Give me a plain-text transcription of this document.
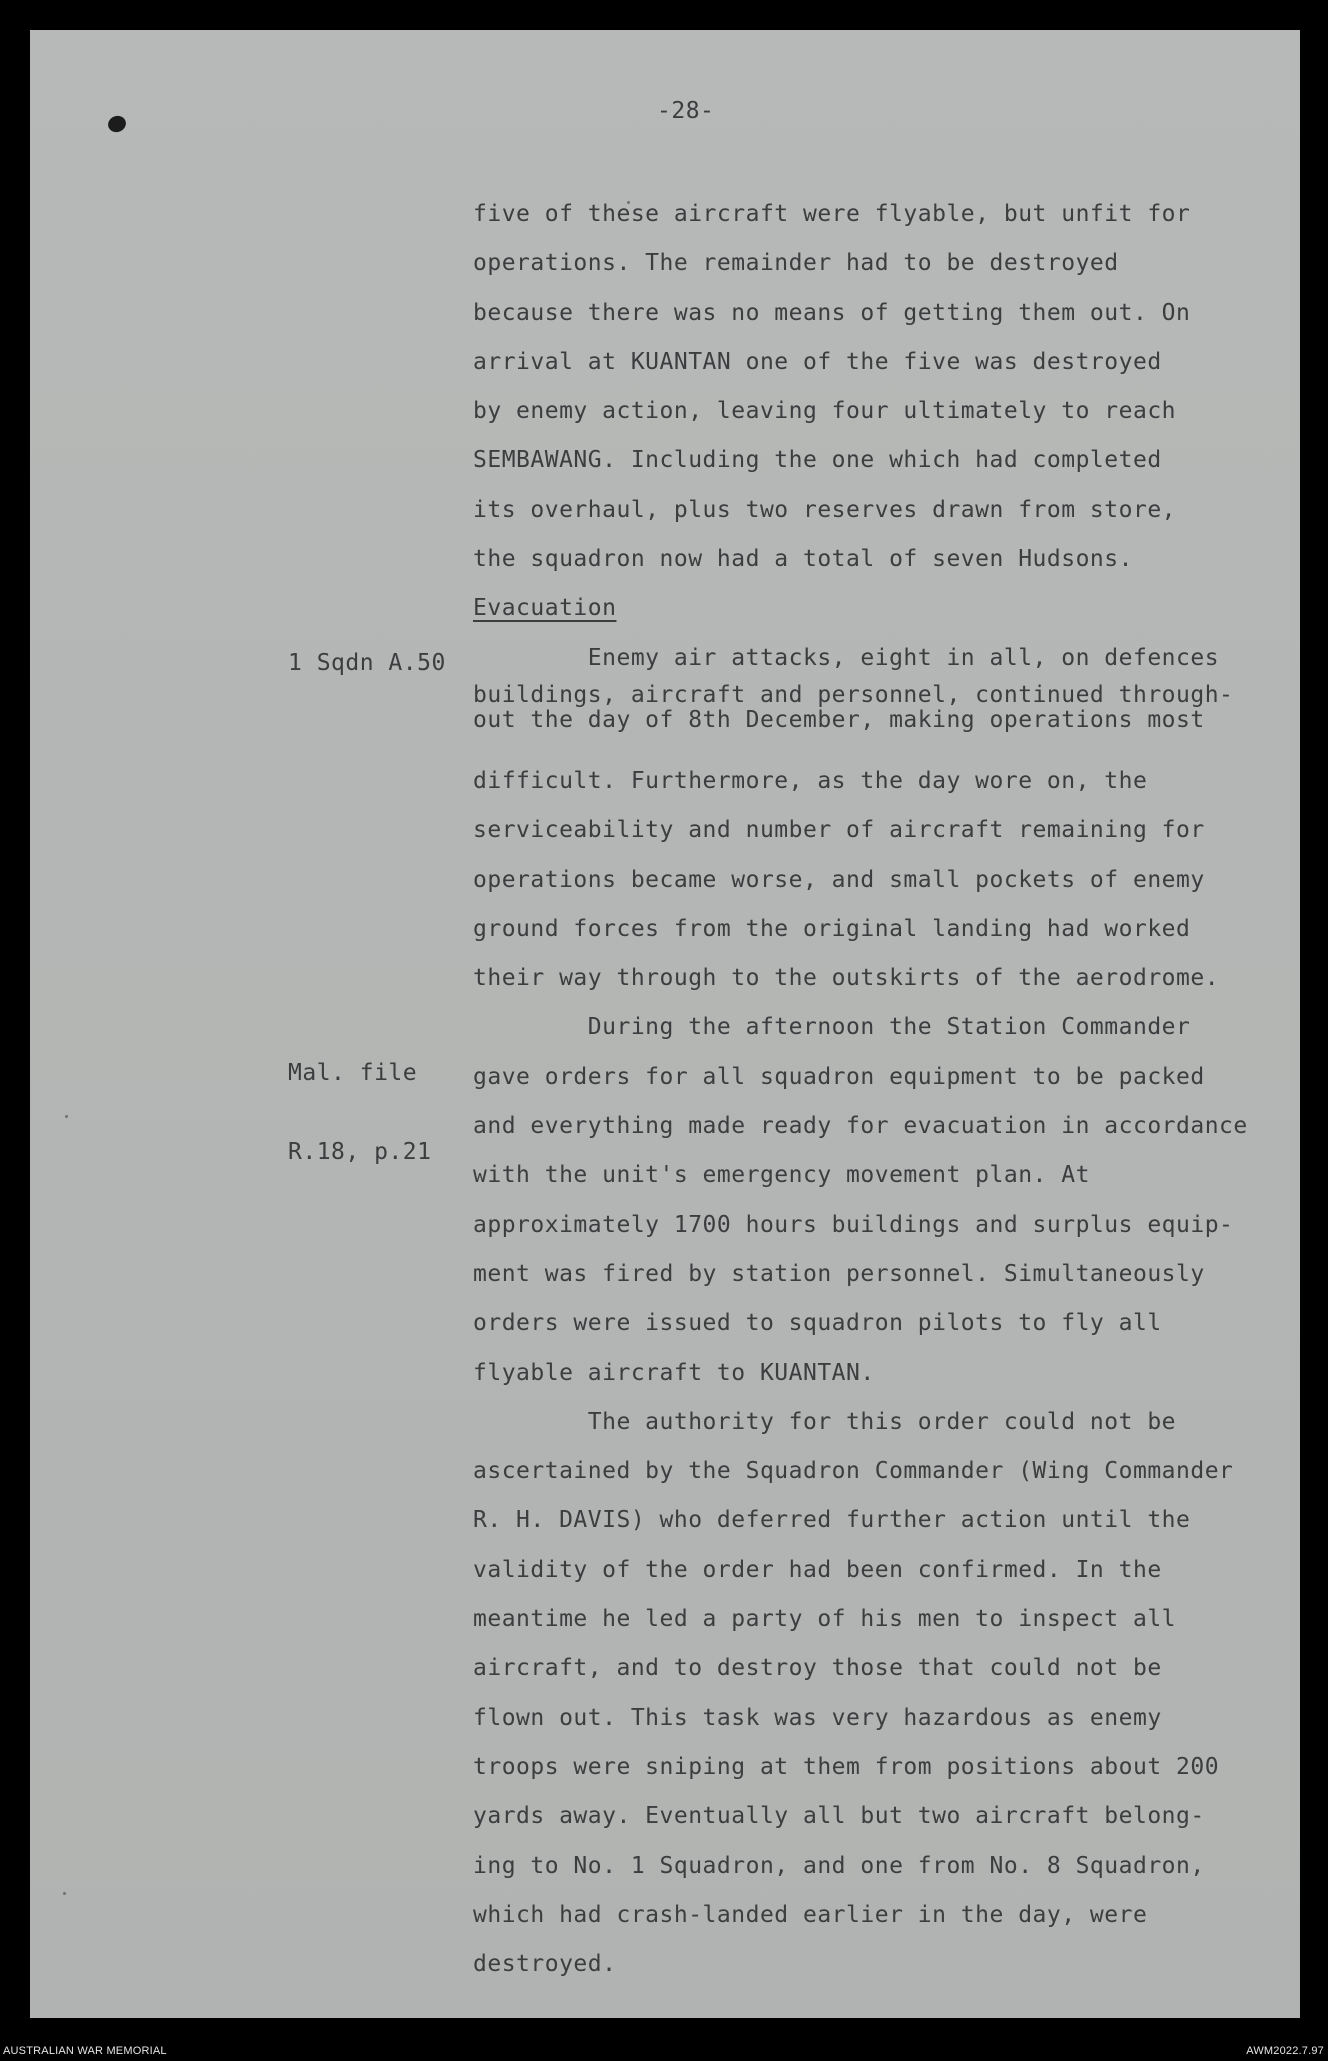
-28-

1 Sqdn A.50

Mal. file

R.18, p.21

five of these aircraft were flyable, but unfit for
operations. The remainder had to be destroyed
because there was no means of getting them out. On
arrival at KUANTAN one of the five was destroyed
by enemy action, leaving four ultimately to reach
SEMBAWANG. Including the one which had completed
its overhaul, plus two reserves drawn from store,
the squadron now had a total of seven Hudsons.
Evacuation
Enemy air attacks, eight in all, on defences
buildings, aircraft and personnel, continued through-
out the day of 8th December, making operations most
difficult. Furthermore, as the day wore on, the
serviceability and number of aircraft remaining for
operations became worse, and small pockets of enemy
ground forces from the original landing had worked
their way through to the outskirts of the aerodrome.
During the afternoon the Station Commander
gave orders for all squadron equipment to be packed
and everything made ready for evacuation in accordance
with the unit's emergency movement plan. At
approximately 1700 hours buildings and surplus equip-
ment was fired by station personnel. Simultaneously
orders were issued to squadron pilots to fly all
flyable aircraft to KUANTAN.
The authority for this order could not be
ascertained by the Squadron Commander (Wing Commander
R. H. DAVIS) who deferred further action until the
validity of the order had been confirmed. In the
meantime he led a party of his men to inspect all
aircraft, and to destroy those that could not be
flown out. This task was very hazardous as enemy
troops were sniping at them from positions about 200
yards away. Eventually all but two aircraft belong-
ing to No. 1 Squadron, and one from No. 8 Squadron,
which had crash-landed earlier in the day, were
destroyed.
AUSTRALIAN WAR MEMORIAL	AWM2022.7.97
